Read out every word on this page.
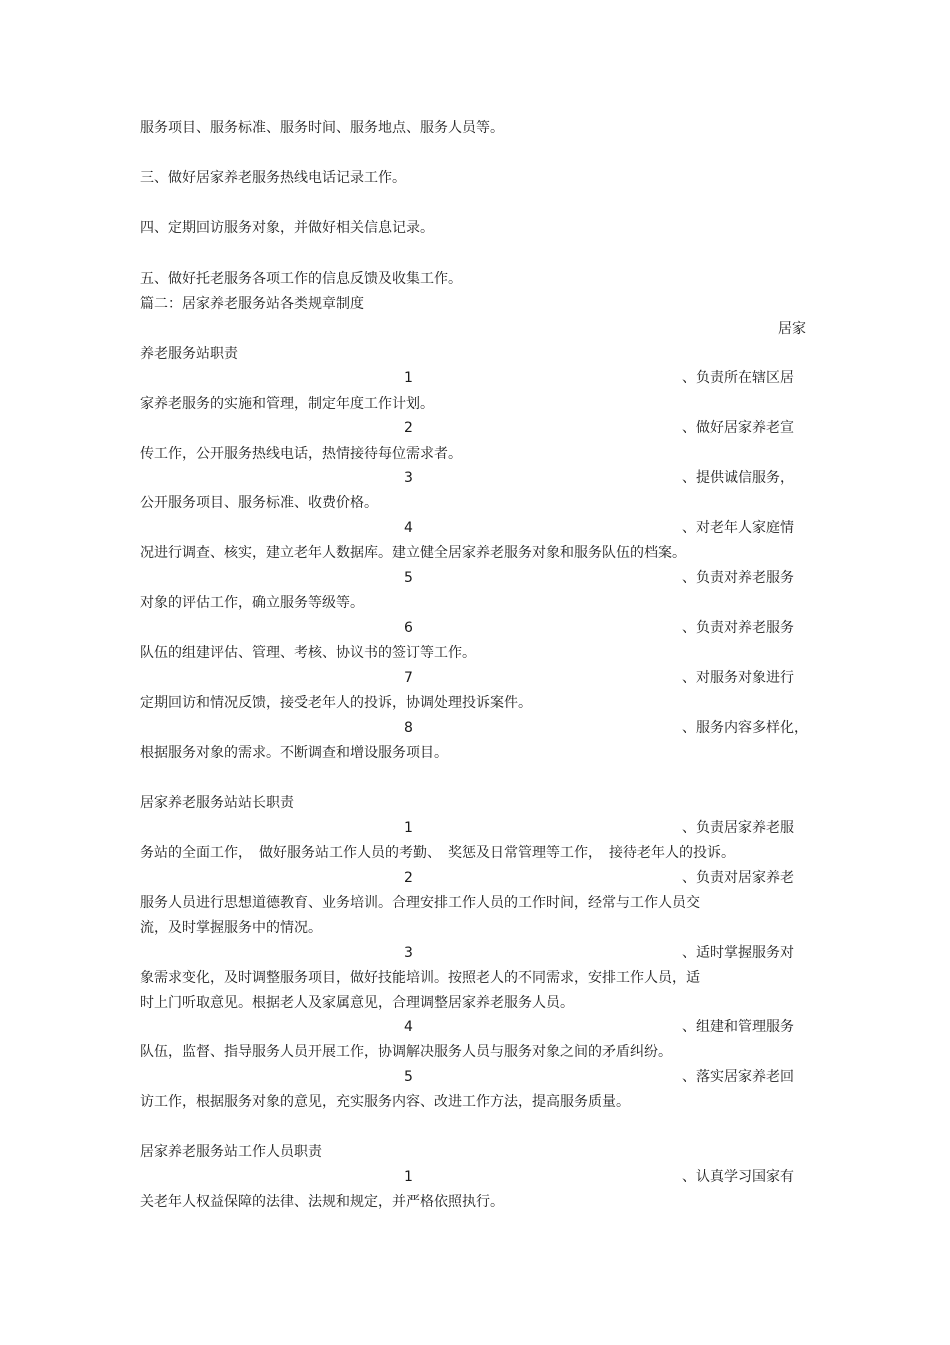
服务项目、服务标准、服务时间、服务地点、服务人员等。
三、做好居家养老服务热线电话记录工作。
四、定期回访服务对象，并做好相关信息记录。
五、做好托老服务各项工作的信息反馈及收集工作。
篇二：居家养老服务站各类规章制度
居家
养老服务站职责
1	、负责所在辖区居
家养老服务的实施和管理，制定年度工作计划。
2	、做好居家养老宣
传工作，公开服务热线电话，热情接待每位需求者。
3	、提供诚信服务，
公开服务项目、服务标准、收费价格。
4	、对老年人家庭情
况进行调查、核实，建立老年人数据库。建立健全居家养老服务对象和服务队伍的档案。
5	、负责对养老服务
对象的评估工作，确立服务等级等。
6	、负责对养老服务
队伍的组建评估、管理、考核、协议书的签订等工作。
7	、对服务对象进行
定期回访和情况反馈，接受老年人的投诉，协调处理投诉案件。
8	、服务内容多样化，
根据服务对象的需求。不断调查和增设服务项目。
居家养老服务站站长职责
1	、负责居家养老服
务站的全面工作，　做好服务站工作人员的考勤、　奖惩及日常管理等工作，　接待老年人的投诉。
2	、负责对居家养老
服务人员进行思想道德教育、业务培训。合理安排工作人员的工作时间，经常与工作人员交
流，及时掌握服务中的情况。
3	、适时掌握服务对
象需求变化，及时调整服务项目，做好技能培训。按照老人的不同需求，安排工作人员，适
时上门听取意见。根据老人及家属意见，合理调整居家养老服务人员。
4	、组建和管理服务
队伍，监督、指导服务人员开展工作，协调解决服务人员与服务对象之间的矛盾纠纷。
5	、落实居家养老回
访工作，根据服务对象的意见，充实服务内容、改进工作方法，提高服务质量。
居家养老服务站工作人员职责
1	、认真学习国家有
关老年人权益保障的法律、法规和规定，并严格依照执行。
